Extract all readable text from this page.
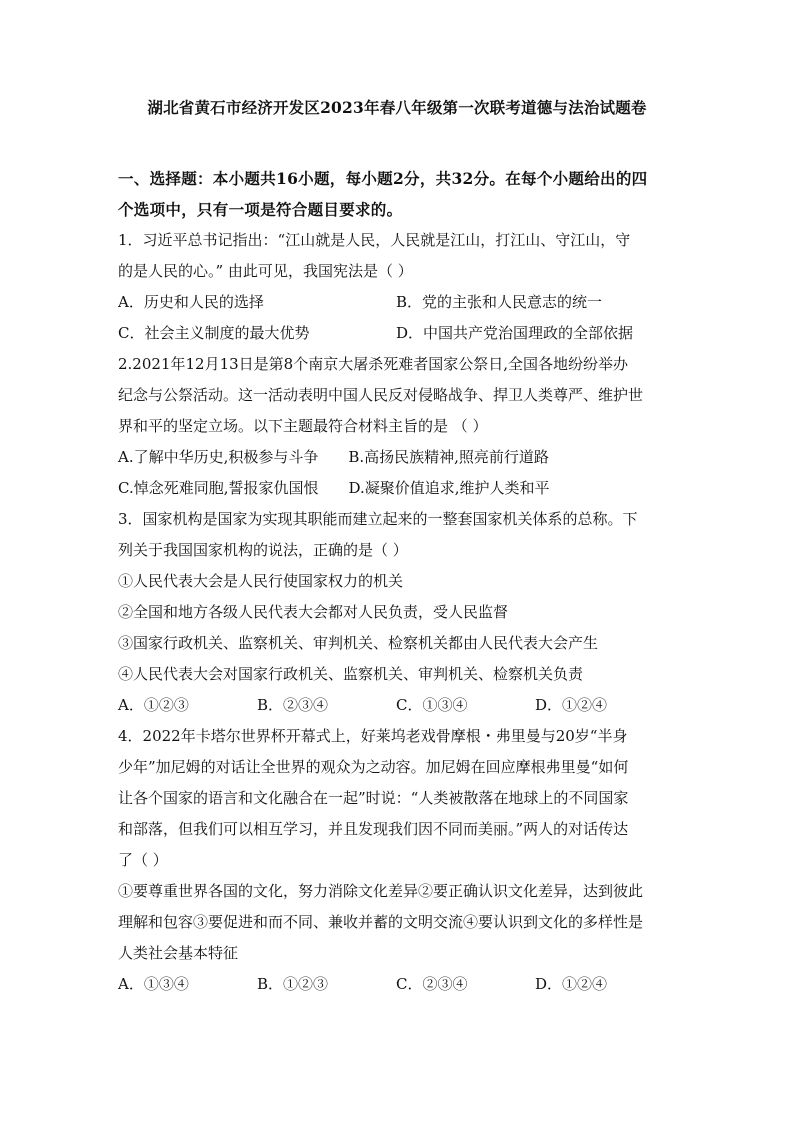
湖北省黄石市经济开发区2023年春八年级第一次联考道德与法治试题卷
一、选择题：本小题共16小题，每小题2分，共32分。在每个小题给出的四
个选项中，只有一项是符合题目要求的。
1．习近平总书记指出：“江山就是人民，人民就是江山，打江山、守江山，守
的是人民的心。” 由此可见，我国宪法是（ ）
A．历史和人民的选择	B．党的主张和人民意志的统一
C．社会主义制度的最大优势	D．中国共产党治国理政的全部依据
2.2021年12月13日是第8个南京大屠杀死难者国家公祭日,全国各地纷纷举办
纪念与公祭活动。这一活动表明中国人民反对侵略战争、捍卫人类尊严、维护世
界和平的坚定立场。以下主题最符合材料主旨的是 （ ）
A.了解中华历史,积极参与斗争 B.高扬民族精神,照亮前行道路
C.悼念死难同胞,誓报家仇国恨 D.凝聚价值追求,维护人类和平
3．国家机构是国家为实现其职能而建立起来的一整套国家机关体系的总称。下
列关于我国国家机构的说法，正确的是（ ）
①人民代表大会是人民行使国家权力的机关
②全国和地方各级人民代表大会都对人民负责，受人民监督
③国家行政机关、监察机关、审判机关、检察机关都由人民代表大会产生
④人民代表大会对国家行政机关、监察机关、审判机关、检察机关负责
A．①②③	B．②③④	C．①③④	D．①②④
4．2022年卡塔尔世界杯开幕式上，好莱坞老戏骨摩根・弗里曼与20岁“半身
少年”加尼姆的对话让全世界的观众为之动容。加尼姆在回应摩根弗里曼“如何
让各个国家的语言和文化融合在一起”时说：“人类被散落在地球上的不同国家
和部落，但我们可以相互学习，并且发现我们因不同而美丽。”两人的对话传达
了（ ）
①要尊重世界各国的文化，努力消除文化差异②要正确认识文化差异，达到彼此
理解和包容③要促进和而不同、兼收并蓄的文明交流④要认识到文化的多样性是
人类社会基本特征
A．①③④	B．①②③	C．②③④	D．①②④
